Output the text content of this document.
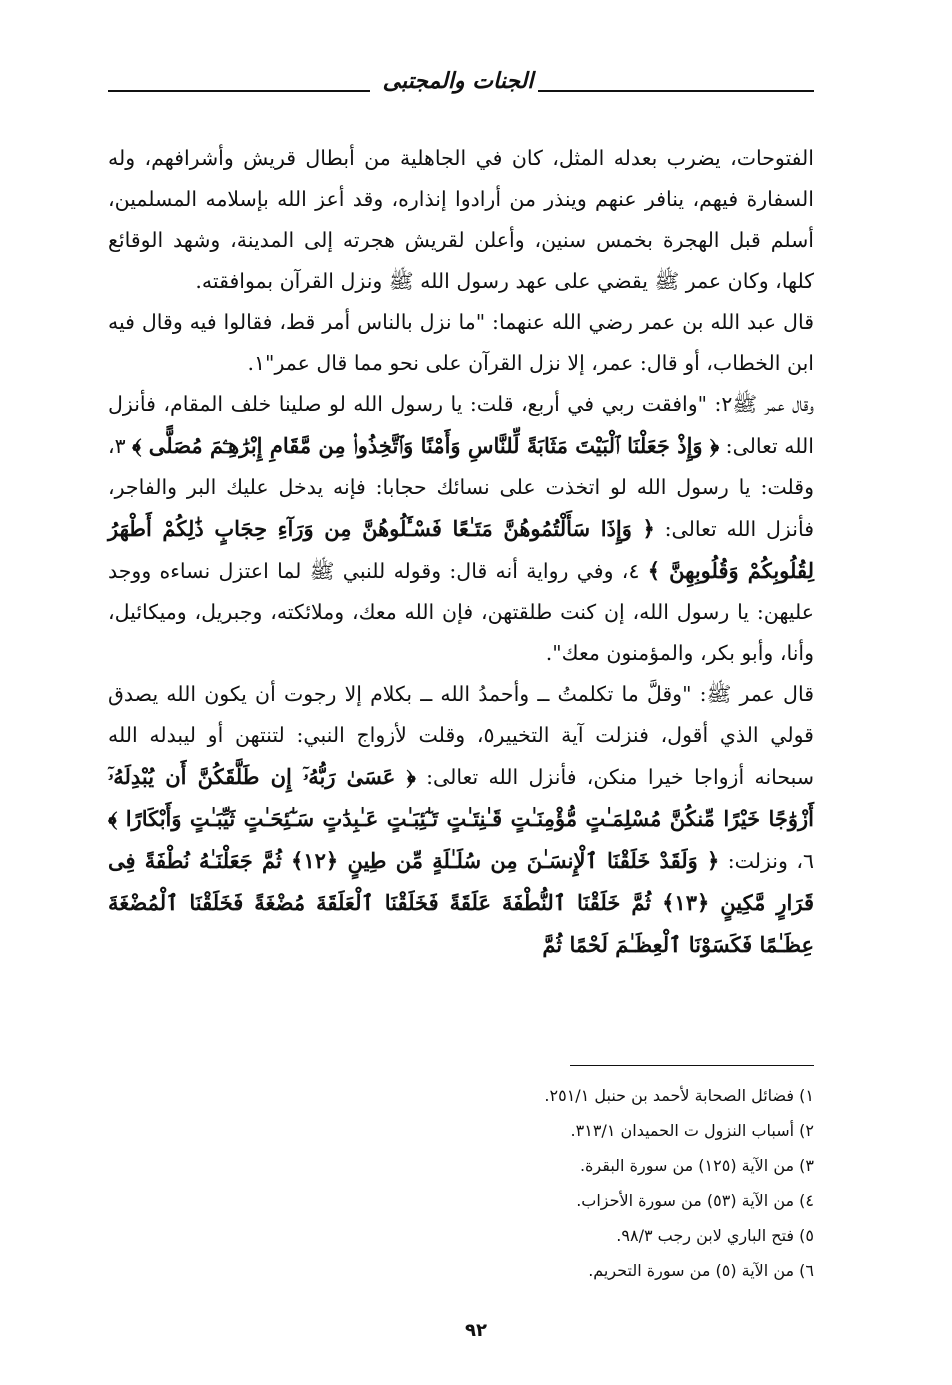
الجنات والمجتبى

الفتوحات، يضرب بعدله المثل، كان في الجاهلية من أبطال قريش وأشرافهم، وله السفارة فيهم، ينافر عنهم وينذر من أرادوا إنذاره، وقد أعز الله بإسلامه المسلمين، أسلم قبل الهجرة بخمس سنين، وأعلن لقريش هجرته إلى المدينة، وشهد الوقائع كلها، وكان عمر ﷺ يقضي على عهد رسول الله ﷺ ونزل القرآن بموافقته.

قال عبد الله بن عمر رضي الله عنهما: "ما نزل بالناس أمر قط، فقالوا فيه وقال فيه ابن الخطاب، أو قال: عمر، إلا نزل القرآن على نحو مما قال عمر"١.

وقال عمر ﷺ٢: "وافقت ربي في أربع، قلت: يا رسول الله لو صلينا خلف المقام، فأنزل الله تعالى: ﴿ وَإِذْ جَعَلْنَا ٱلْبَيْتَ مَثَابَةً لِّلنَّاسِ وَأَمْنًا وَٱتَّخِذُوا۟ مِن مَّقَامِ إِبْرَٰهِـۧمَ مُصَلًّى ﴾ ٣، وقلت: يا رسول الله لو اتخذت على نسائك حجابا: فإنه يدخل عليك البر والفاجر، فأنزل الله تعالى: ﴿ وَإِذَا سَأَلْتُمُوهُنَّ مَتَـٰعًا فَسْـَٔلُوهُنَّ مِن وَرَآءِ حِجَابٍ ذَٰلِكُمْ أَطْهَرُ لِقُلُوبِكُمْ وَقُلُوبِهِنَّ ﴾ ٤، وفي رواية أنه قال: وقوله للنبي ﷺ لما اعتزل نساءه ووجد عليهن: يا رسول الله، إن كنت طلقتهن، فإن الله معك، وملائكته، وجبريل، وميكائيل، وأنا، وأبو بكر، والمؤمنون معك".

قال عمر ﷺ: "وقلَّ ما تكلمتُ ــ وأحمدُ الله ــ بكلام إلا رجوت أن يكون الله يصدق قولي الذي أقول، فنزلت آية التخيير٥، وقلت لأزواج النبي: لتنتهن أو ليبدله الله سبحانه أزواجا خيرا منكن، فأنزل الله تعالى: ﴿ عَسَىٰ رَبُّهُۥٓ إِن طَلَّقَكُنَّ أَن يُبْدِلَهُۥٓ أَزْوَٰجًا خَيْرًا مِّنكُنَّ مُسْلِمَـٰتٍ مُّؤْمِنَـٰتٍ قَـٰنِتَـٰتٍ تَـٰٓئِبَـٰتٍ عَـٰبِدَٰتٍ سَـٰٓئِحَـٰتٍ ثَيِّبَـٰتٍ وَأَبْكَارًا ﴾ ٦، ونزلت: ﴿ وَلَقَدْ خَلَقْنَا ٱلْإِنسَـٰنَ مِن سُلَـٰلَةٍ مِّن طِينٍ ﴿١٢﴾ ثُمَّ جَعَلْنَـٰهُ نُطْفَةً فِى قَرَارٍ مَّكِينٍ ﴿١٣﴾ ثُمَّ خَلَقْنَا ٱلنُّطْفَةَ عَلَقَةً فَخَلَقْنَا ٱلْعَلَقَةَ مُضْغَةً فَخَلَقْنَا ٱلْمُضْغَةَ عِظَـٰمًا فَكَسَوْنَا ٱلْعِظَـٰمَ لَحْمًا ثُمَّ

١) فضائل الصحابة لأحمد بن حنبل ٢٥١/١.
٢) أسباب النزول ت الحميدان ٣١٣/١.
٣) من الآية (١٢٥) من سورة البقرة.
٤) من الآية (٥٣) من سورة الأحزاب.
٥) فتح الباري لابن رجب ٩٨/٣.
٦) من الآية (٥) من سورة التحريم.
٩٢
